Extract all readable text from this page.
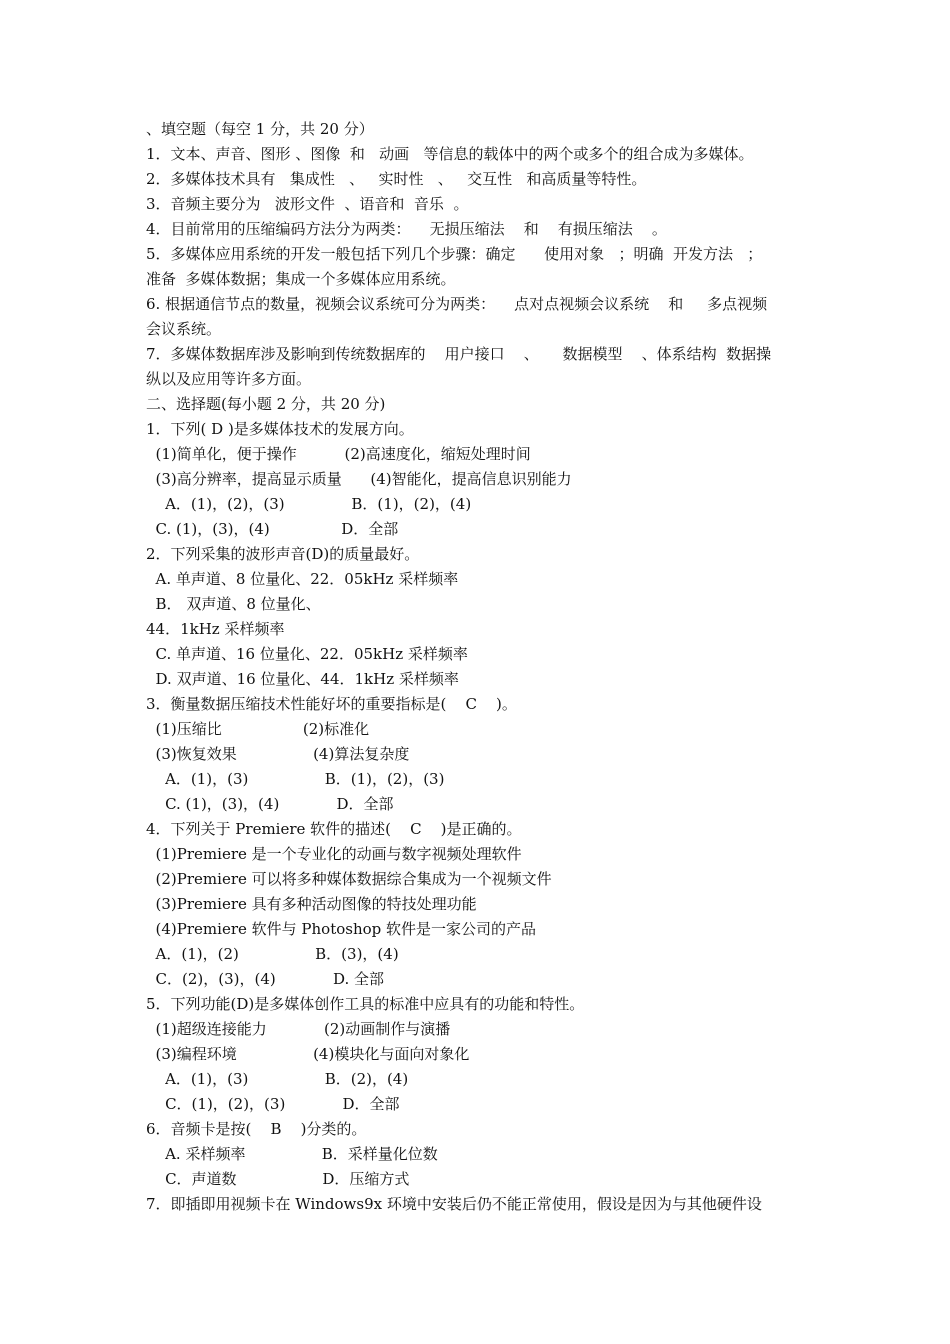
、填空题（每空 1 分，共 20 分）
1．文本、声音、图形 、图像  和   动画   等信息的载体中的两个或多个的组合成为多媒体。
2．多媒体技术具有   集成性   、   实时性   、   交互性   和高质量等特性。
3．音频主要分为   波形文件  、语音和  音乐  。
4．目前常用的压缩编码方法分为两类：    无损压缩法    和    有损压缩法    。
5．多媒体应用系统的开发一般包括下列几个步骤：确定      使用对象   ；明确  开发方法   ；
准备  多媒体数据；集成一个多媒体应用系统。
6. 根据通信节点的数量，视频会议系统可分为两类：    点对点视频会议系统    和     多点视频
会议系统。
7．多媒体数据库涉及影响到传统数据库的    用户接口    、     数据模型    、体系结构  数据操
纵以及应用等许多方面。
二、选择题(每小题 2 分，共 20 分)
1．下列( D )是多媒体技术的发展方向。
(1)简单化，便于操作          (2)高速度化，缩短处理时间
(3)高分辨率，提高显示质量      (4)智能化，提高信息识别能力
A．(1)，(2)，(3)              B．(1)，(2)，(4)
C. (1)，(3)，(4)               D．全部
2．下列采集的波形声音(D)的质量最好。
A. 单声道、8 位量化、22．05kHz 采样频率
B． 双声道、8 位量化、
44．1kHz 采样频率
C. 单声道、16 位量化、22．05kHz 采样频率
D. 双声道、16 位量化、44．1kHz 采样频率
3．衡量数据压缩技术性能好坏的重要指标是(    C    )。
(1)压缩比                 (2)标准化
(3)恢复效果                (4)算法复杂度
A．(1)，(3)                B．(1)，(2)，(3)
C. (1)，(3)，(4)            D．全部
4．下列关于 Premiere 软件的描述(    C    )是正确的。
(1)Premiere 是一个专业化的动画与数字视频处理软件
(2)Premiere 可以将多种媒体数据综合集成为一个视频文件
(3)Premiere 具有多种活动图像的特技处理功能
(4)Premiere 软件与 Photoshop 软件是一家公司的产品
A．(1)，(2)                B．(3)，(4)
C．(2)，(3)，(4)            D. 全部
5．下列功能(D)是多媒体创作工具的标准中应具有的功能和特性。
(1)超级连接能力            (2)动画制作与演播
(3)编程环境                (4)模块化与面向对象化
A．(1)，(3)                B．(2)，(4)
C．(1)，(2)，(3)            D．全部
6．音频卡是按(    B    )分类的。
A. 采样频率                B．采样量化位数
C．声道数                  D．压缩方式
7．即插即用视频卡在 Windows9x 环境中安装后仍不能正常使用，假设是因为与其他硬件设
